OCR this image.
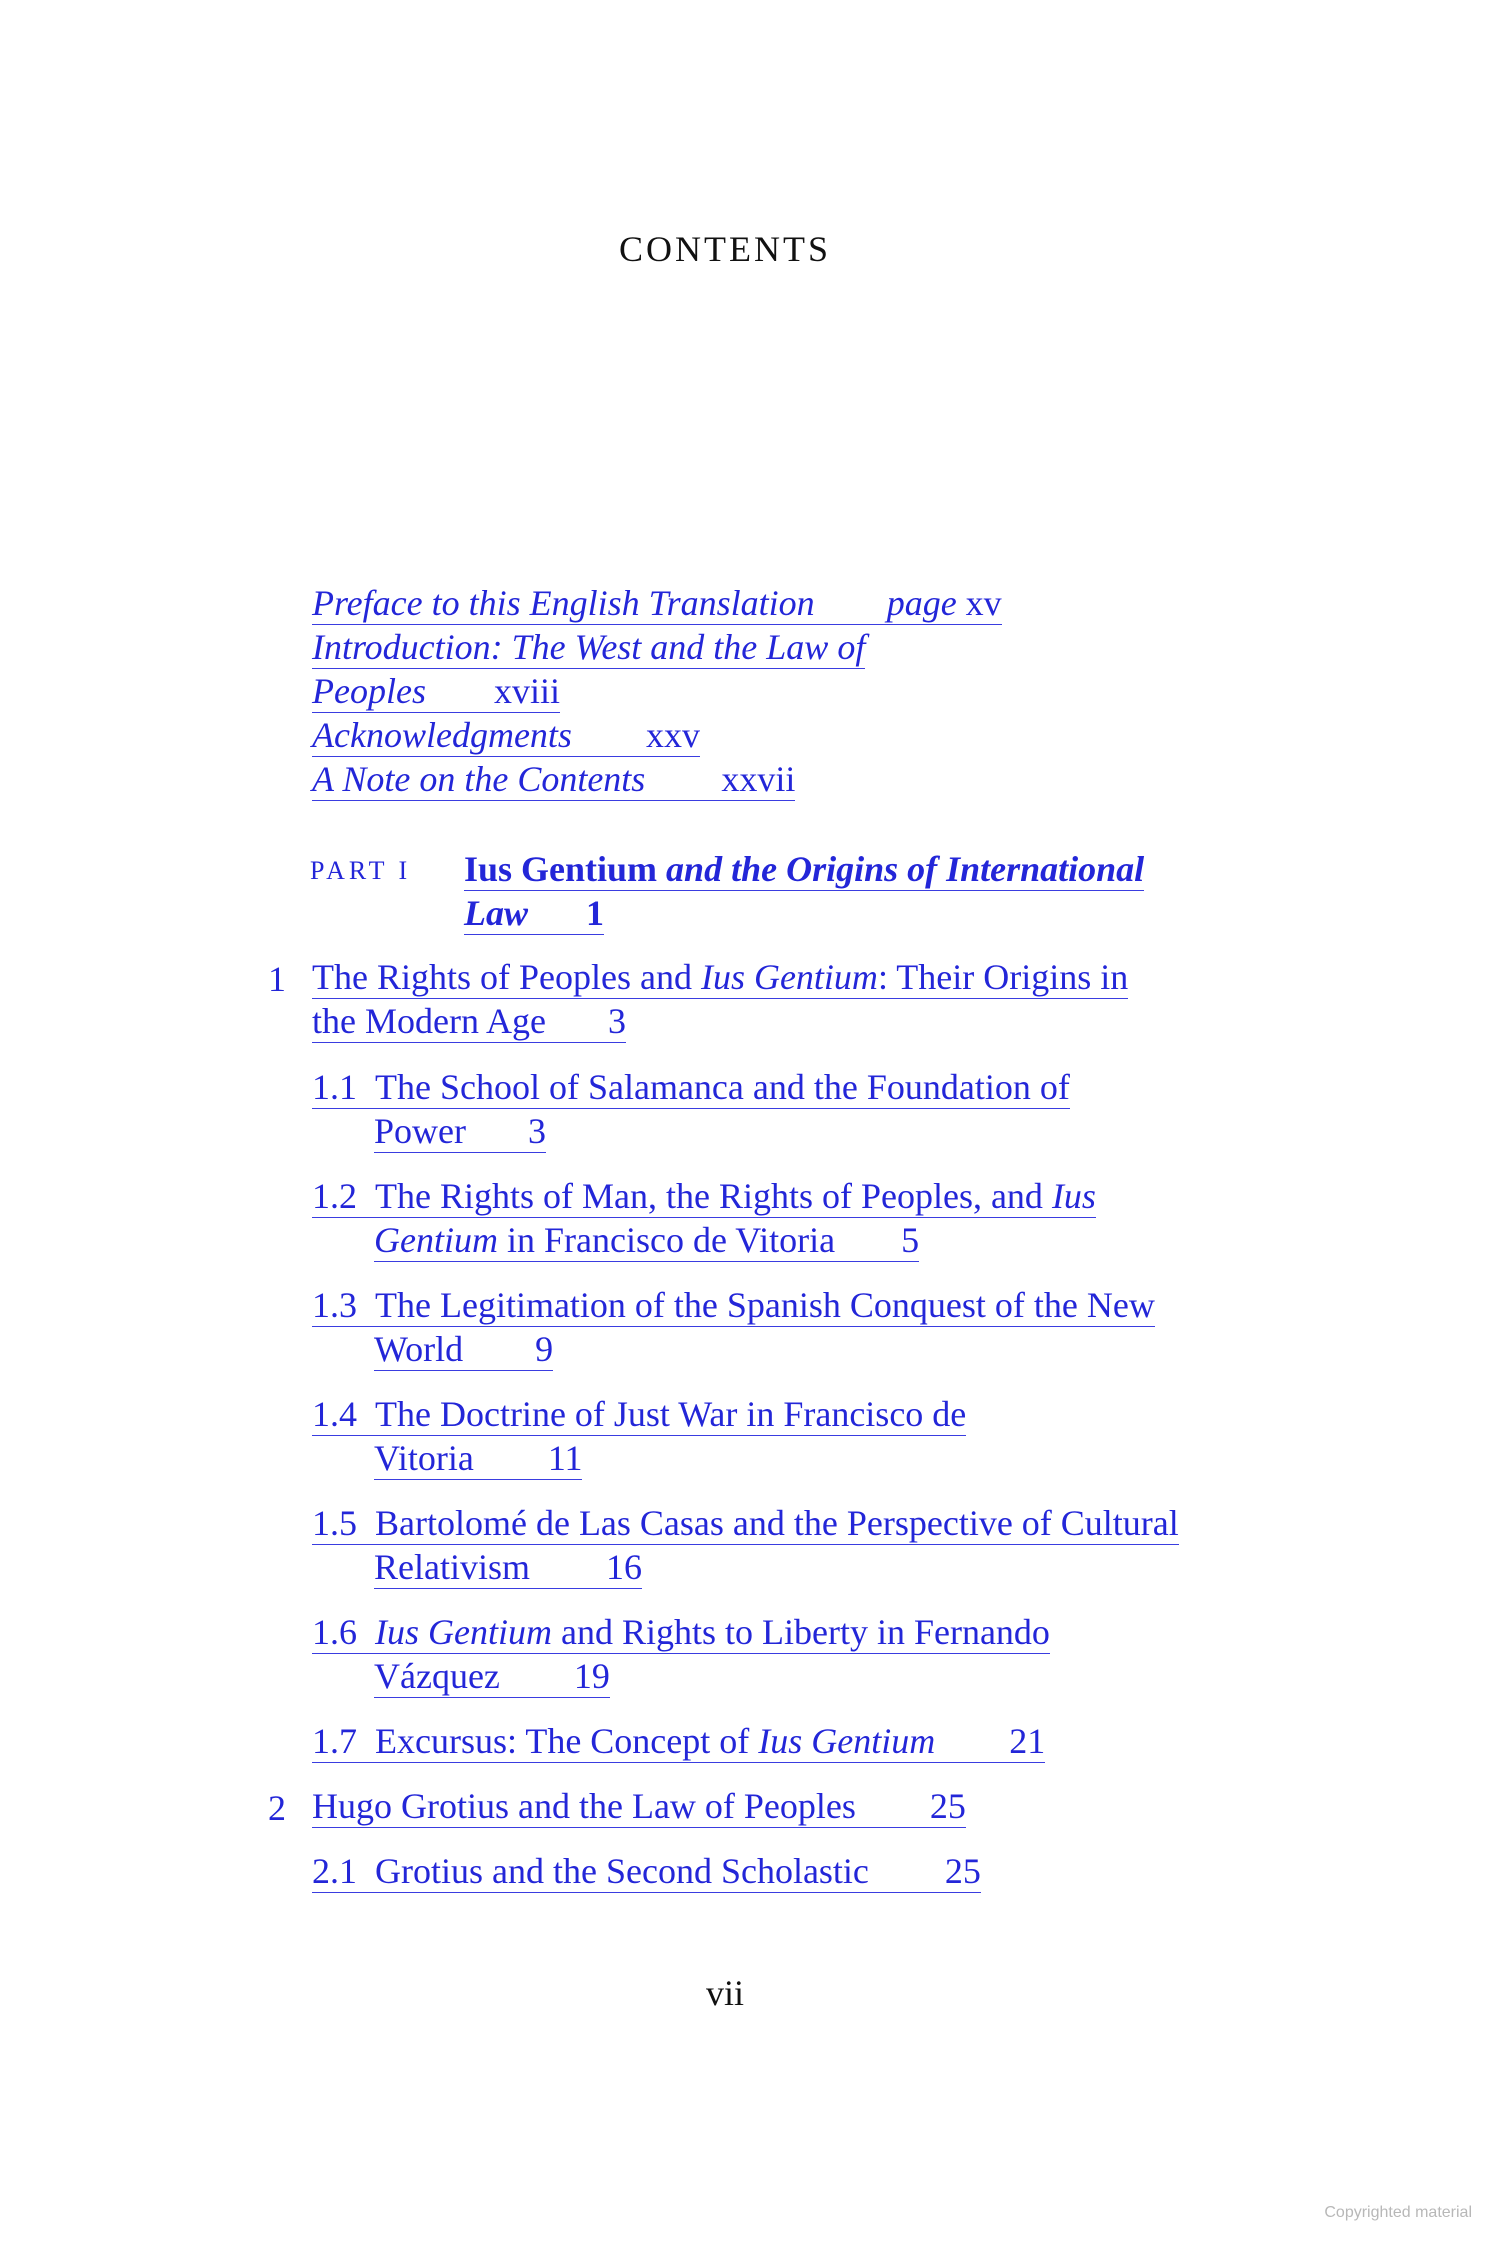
CONTENTS
Preface to this English Translation page xv
Introduction: The West and the Law of
Peoples xviii
Acknowledgments xxv
A Note on the Contents xxvii
PART I Ius Gentium and the Origins of International
Law 1
1 The Rights of Peoples and Ius Gentium: Their Origins in
the Modern Age 3
1.1 The School of Salamanca and the Foundation of
Power 3
1.2 The Rights of Man, the Rights of Peoples, and Ius
Gentium in Francisco de Vitoria 5
1.3 The Legitimation of the Spanish Conquest of the New
World 9
1.4 The Doctrine of Just War in Francisco de
Vitoria 11
1.5 Bartolomé de Las Casas and the Perspective of Cultural
Relativism 16
1.6 Ius Gentium and Rights to Liberty in Fernando
Vázquez 19
1.7 Excursus: The Concept of Ius Gentium 21
2 Hugo Grotius and the Law of Peoples 25
2.1 Grotius and the Second Scholastic 25
vii
Copyrighted material
